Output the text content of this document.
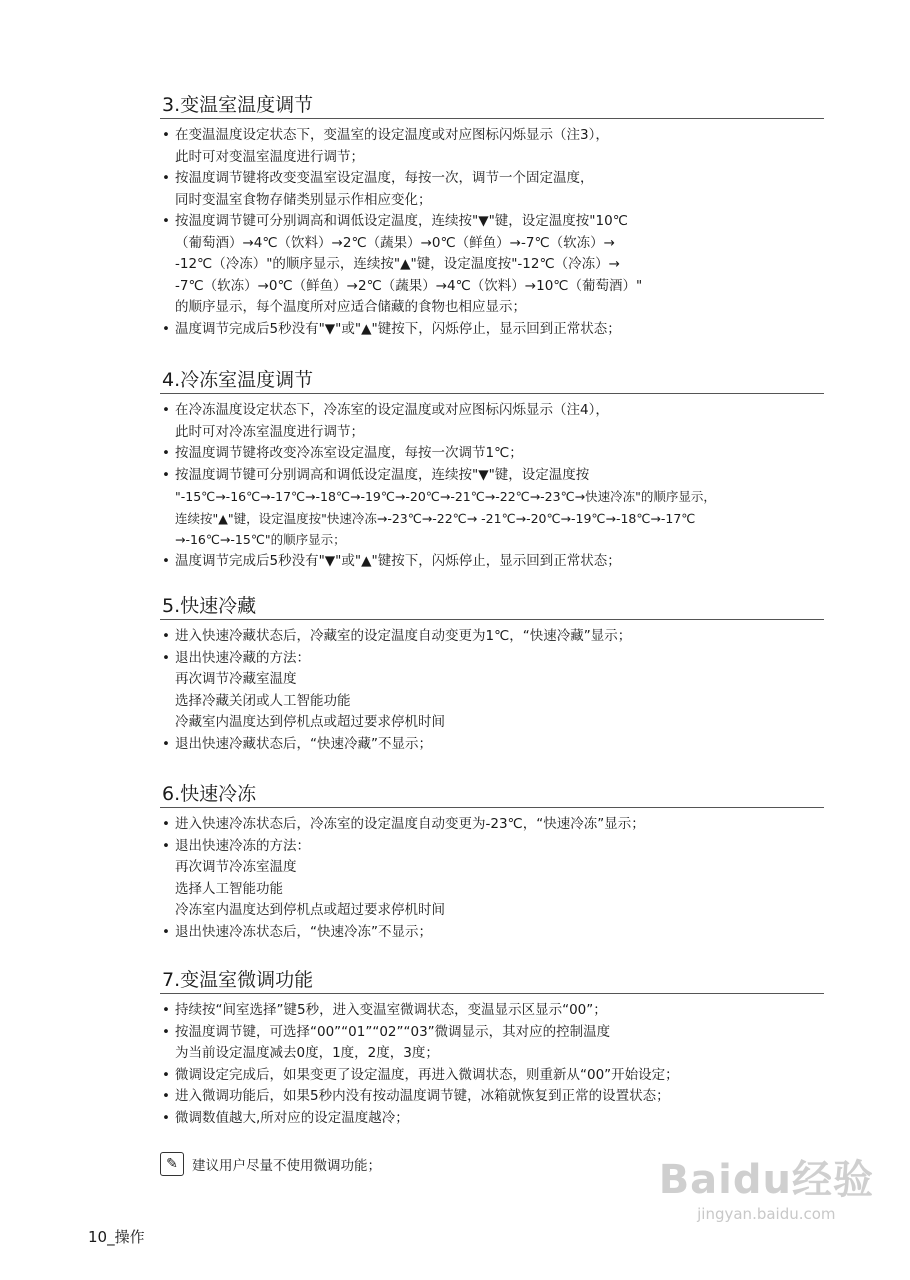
3.变温室温度调节
• 在变温温度设定状态下，变温室的设定温度或对应图标闪烁显示（注3），
此时可对变温室温度进行调节；
• 按温度调节键将改变变温室设定温度，每按一次，调节一个固定温度，
同时变温室食物存储类别显示作相应变化；
• 按温度调节键可分别调高和调低设定温度，连续按"▼"键，设定温度按"10℃
（葡萄酒）→4℃（饮料）→2℃（蔬果）→0℃（鲜鱼）→-7℃（软冻）→
-12℃（冷冻）"的顺序显示，连续按"▲"键，设定温度按"-12℃（冷冻）→
-7℃（软冻）→0℃（鲜鱼）→2℃（蔬果）→4℃（饮料）→10℃（葡萄酒）"
的顺序显示，每个温度所对应适合储藏的食物也相应显示；
• 温度调节完成后5秒没有"▼"或"▲"键按下，闪烁停止，显示回到正常状态；
4.冷冻室温度调节
• 在冷冻温度设定状态下，冷冻室的设定温度或对应图标闪烁显示（注4），
此时可对冷冻室温度进行调节；
• 按温度调节键将改变冷冻室设定温度，每按一次调节1℃；
• 按温度调节键可分别调高和调低设定温度，连续按"▼"键，设定温度按
"-15℃→-16℃→-17℃→-18℃→-19℃→-20℃→-21℃→-22℃→-23℃→快速冷冻"的顺序显示，
连续按"▲"键，设定温度按"快速冷冻→-23℃→-22℃→ -21℃→-20℃→-19℃→-18℃→-17℃
→-16℃→-15℃"的顺序显示；
• 温度调节完成后5秒没有"▼"或"▲"键按下，闪烁停止，显示回到正常状态；
5.快速冷藏
• 进入快速冷藏状态后，冷藏室的设定温度自动变更为1℃，“快速冷藏”显示；
• 退出快速冷藏的方法：
再次调节冷藏室温度
选择冷藏关闭或人工智能功能
冷藏室内温度达到停机点或超过要求停机时间
• 退出快速冷藏状态后，“快速冷藏”不显示；
6.快速冷冻
• 进入快速冷冻状态后，冷冻室的设定温度自动变更为-23℃，“快速冷冻”显示；
• 退出快速冷冻的方法：
再次调节冷冻室温度
选择人工智能功能
冷冻室内温度达到停机点或超过要求停机时间
• 退出快速冷冻状态后，“快速冷冻”不显示；
7.变温室微调功能
• 持续按“间室选择”键5秒，进入变温室微调状态，变温显示区显示“00”；
• 按温度调节键，可选择“00”“01”“02”“03”微调显示，其对应的控制温度
为当前设定温度减去0度，1度，2度，3度；
• 微调设定完成后，如果变更了设定温度，再进入微调状态，则重新从“00”开始设定；
• 进入微调功能后，如果5秒内没有按动温度调节键，冰箱就恢复到正常的设置状态；
• 微调数值越大,所对应的设定温度越冷；
✎	建议用户尽量不使用微调功能；
10_操作
Baidu经验
jingyan.baidu.com
